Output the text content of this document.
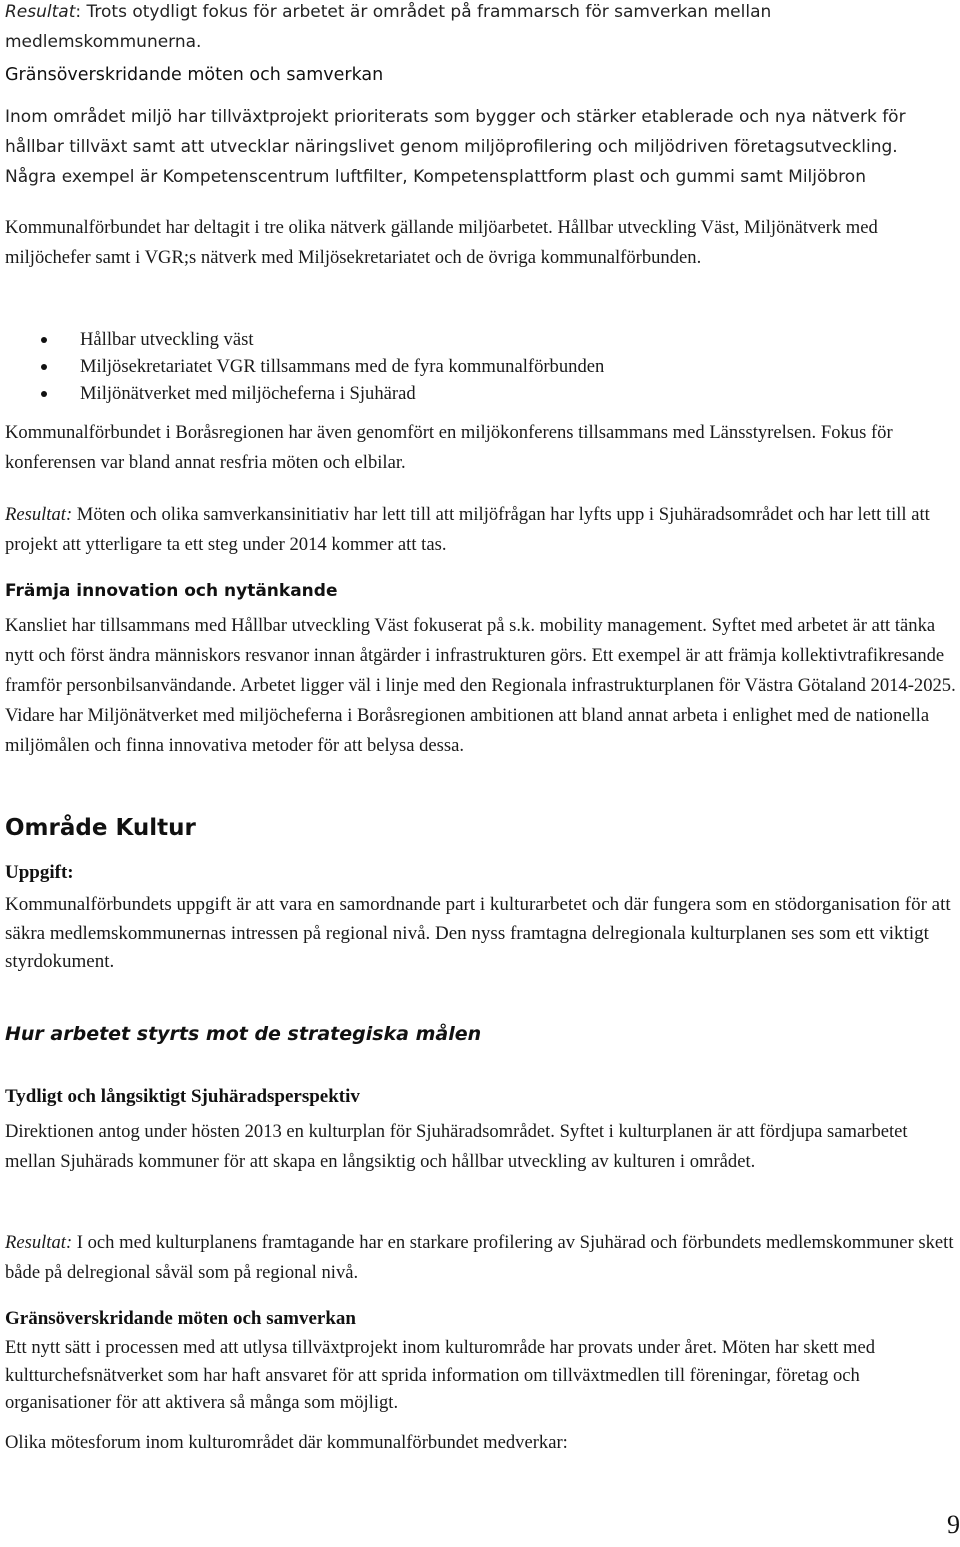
Resultat: Trots otydligt fokus för arbetet är området på frammarsch för samverkan mellan medlemskommunerna.

Gränsöverskridande möten och samverkan

Inom området miljö har tillväxtprojekt prioriterats som bygger och stärker etablerade och nya nätverk för hållbar tillväxt samt att utvecklar näringslivet genom miljöprofilering och miljödriven företagsutveckling.

Några exempel är Kompetenscentrum luftfilter, Kompetensplattform plast och gummi samt Miljöbron

Kommunalförbundet har deltagit i tre olika nätverk gällande miljöarbetet. Hållbar utveckling Väst, Miljönätverk med miljöchefer samt i VGR;s nätverk med Miljösekretariatet och de övriga kommunalförbunden.

Hållbar utveckling väst
Miljösekretariatet VGR tillsammans med de fyra kommunalförbunden
Miljönätverket med miljöcheferna i Sjuhärad

Kommunalförbundet i Boråsregionen har även genomfört en miljökonferens tillsammans med Länsstyrelsen. Fokus för konferensen var bland annat resfria möten och elbilar.

Resultat: Möten och olika samverkansinitiativ har lett till att miljöfrågan har lyfts upp i Sjuhäradsområdet och har lett till att projekt att ytterligare ta ett steg under 2014 kommer att tas.

Främja innovation och nytänkande

Kansliet har tillsammans med Hållbar utveckling Väst fokuserat på s.k. mobility management. Syftet med arbetet är att tänka nytt och först ändra människors resvanor innan åtgärder i infrastrukturen görs. Ett exempel är att främja kollektivtrafikresande framför personbilsanvändande. Arbetet ligger väl i linje med den Regionala infrastrukturplanen för Västra Götaland 2014-2025. Vidare har Miljönätverket med miljöcheferna i Boråsregionen ambitionen att bland annat arbeta i enlighet med de nationella miljömålen och finna innovativa metoder för att belysa dessa.

Område Kultur

Uppgift:

Kommunalförbundets uppgift är att vara en samordnande part i kulturarbetet och där fungera som en stödorganisation för att säkra medlemskommunernas intressen på regional nivå. Den nyss framtagna delregionala kulturplanen ses som ett viktigt styrdokument.

Hur arbetet styrts mot de strategiska målen

Tydligt och långsiktigt Sjuhäradsperspektiv

Direktionen antog under hösten 2013 en kulturplan för Sjuhäradsområdet. Syftet i kulturplanen är att fördjupa samarbetet mellan Sjuhärads kommuner för att skapa en långsiktig och hållbar utveckling av kulturen i området.

Resultat: I och med kulturplanens framtagande har en starkare profilering av Sjuhärad och förbundets medlemskommuner skett både på delregional såväl som på regional nivå.

Gränsöverskridande möten och samverkan

Ett nytt sätt i processen med att utlysa tillväxtprojekt inom kulturområde har provats under året. Möten har skett med kultturchefsnätverket som har haft ansvaret för att sprida information om tillväxtmedlen till föreningar, företag och organisationer för att aktivera så många som möjligt.

Olika mötesforum inom kulturområdet där kommunalförbundet medverkar:

9
